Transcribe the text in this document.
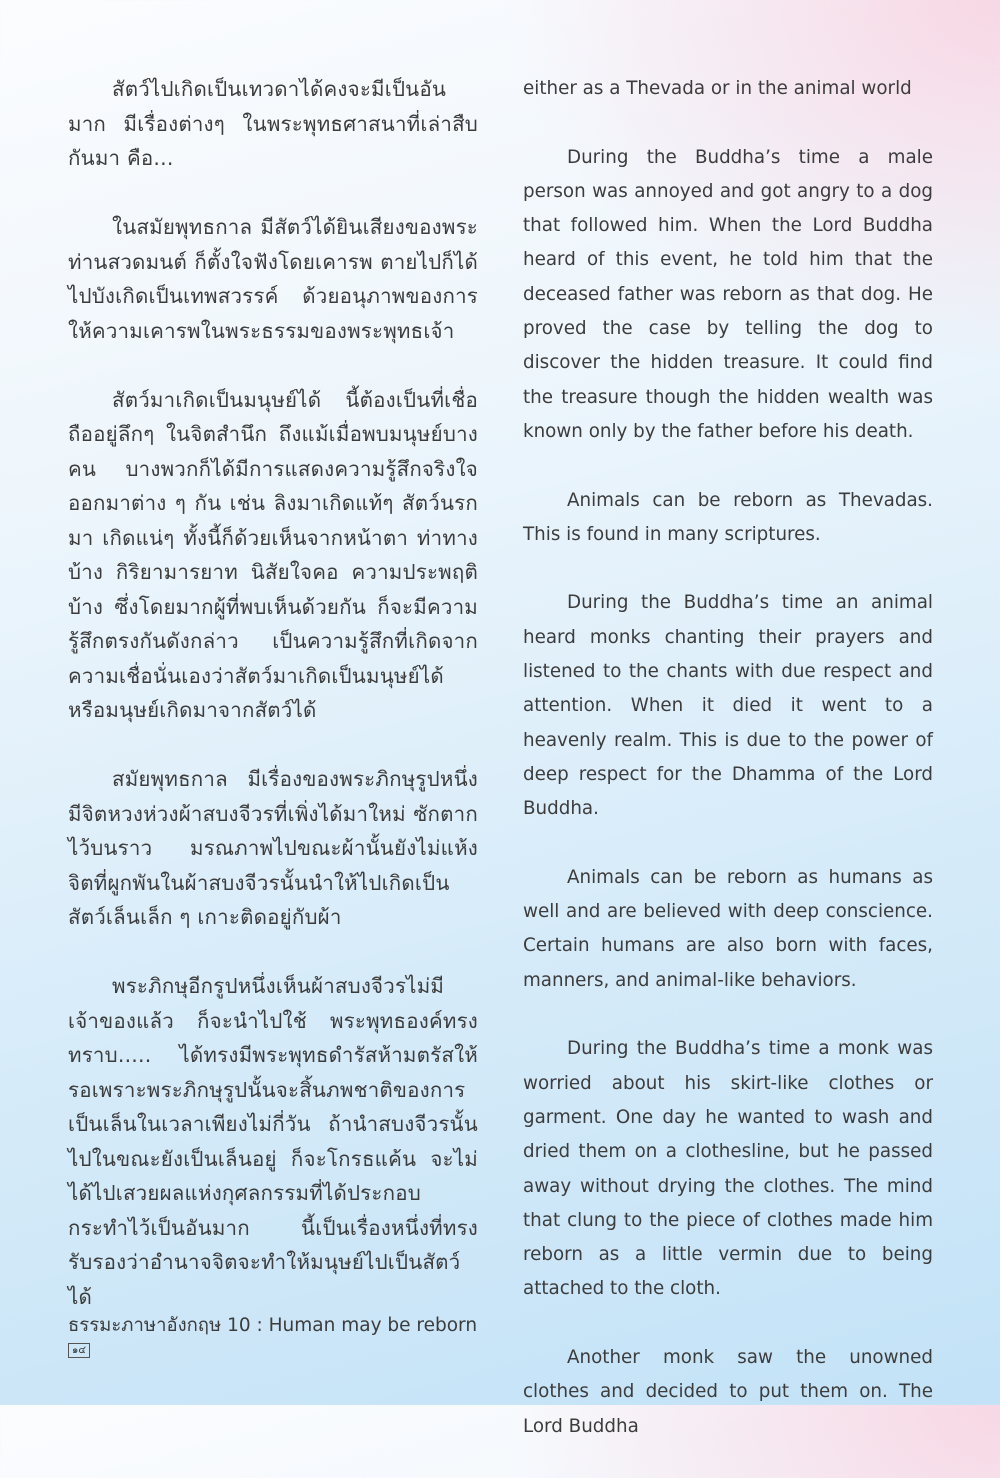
สัตว์ไปเกิดเป็นเทวดาได้คงจะมีเป็นอันมาก มีเรื่องต่างๆ ในพระพุทธศาสนาที่เล่าสืบกันมา คือ...

ในสมัยพุทธกาล มีสัตว์ได้ยินเสียงของพระท่านสวดมนต์ ก็ตั้งใจฟังโดยเคารพ ตายไปก็ได้ไปบังเกิดเป็นเทพสวรรค์ ด้วยอนุภาพของการให้ความเคารพในพระธรรมของพระพุทธเจ้า

สัตว์มาเกิดเป็นมนุษย์ได้ นี้ต้องเป็นที่เชื่อถืออยู่ลึกๆ ในจิตสำนึก ถึงแม้เมื่อพบมนุษย์บางคน บางพวกก็ได้มีการแสดงความรู้สึกจริงใจออกมาต่าง ๆ กัน เช่น ลิงมาเกิดแท้ๆ สัตว์นรกมา เกิดแน่ๆ ทั้งนี้ก็ด้วยเห็นจากหน้าตา ท่าทางบ้าง กิริยามารยาท นิสัยใจคอ ความประพฤติบ้าง ซึ่งโดยมากผู้ที่พบเห็นด้วยกัน ก็จะมีความรู้สึกตรงกันดังกล่าว เป็นความรู้สึกที่เกิดจากความเชื่อนั่นเองว่าสัตว์มาเกิดเป็นมนุษย์ได้ หรือมนุษย์เกิดมาจากสัตว์ได้

สมัยพุทธกาล มีเรื่องของพระภิกษุรูปหนึ่งมีจิตหวงห่วงผ้าสบงจีวรที่เพิ่งได้มาใหม่ ซักตากไว้บนราว มรณภาพไปขณะผ้านั้นยังไม่แห้ง จิตที่ผูกพันในผ้าสบงจีวรนั้นนำให้ไปเกิดเป็นสัตว์เล็นเล็ก ๆ เกาะติดอยู่กับผ้า

พระภิกษุอีกรูปหนึ่งเห็นผ้าสบงจีวรไม่มีเจ้าของแล้ว ก็จะนำไปใช้ พระพุทธองค์ทรงทราบ..... ได้ทรงมีพระพุทธดำรัสห้ามตรัสให้รอเพราะพระภิกษุรูปนั้นจะสิ้นภพชาติของการเป็นเล็นในเวลาเพียงไม่กี่วัน ถ้านำสบงจีวรนั้นไปในขณะยังเป็นเล็นอยู่ ก็จะโกรธแค้น จะไม่ได้ไปเสวยผลแห่งกุศลกรรมที่ได้ประกอบกระทำไว้เป็นอันมาก นี้เป็นเรื่องหนึ่งที่ทรงรับรองว่าอำนาจจิตจะทำให้มนุษย์ไปเป็นสัตว์ได้

ธรรมะภาษาอังกฤษ 10 : Human may be reborn
๑๔

either as a Thevada or in the animal world

During the Buddha’s time a male person was annoyed and got angry to a dog that followed him. When the Lord Buddha heard of this event, he told him that the deceased father was reborn as that dog. He proved the case by telling the dog to discover the hidden treasure. It could find the treasure though the hidden wealth was known only by the father before his death.

Animals can be reborn as Thevadas. This is found in many scriptures.

During the Buddha’s time an animal heard monks chanting their prayers and listened to the chants with due respect and attention. When it died it went to a heavenly realm. This is due to the power of deep respect for the Dhamma of the Lord Buddha.

Animals can be reborn as humans as well and are believed with deep conscience. Certain humans are also born with faces, manners, and animal-like behaviors.

During the Buddha’s time a monk was worried about his skirt-like clothes or garment. One day he wanted to wash and dried them on a clothesline, but he passed away without drying the clothes. The mind that clung to the piece of clothes made him reborn as a little vermin due to being attached to the cloth.

Another monk saw the unowned clothes and decided to put them on. The Lord Buddha
